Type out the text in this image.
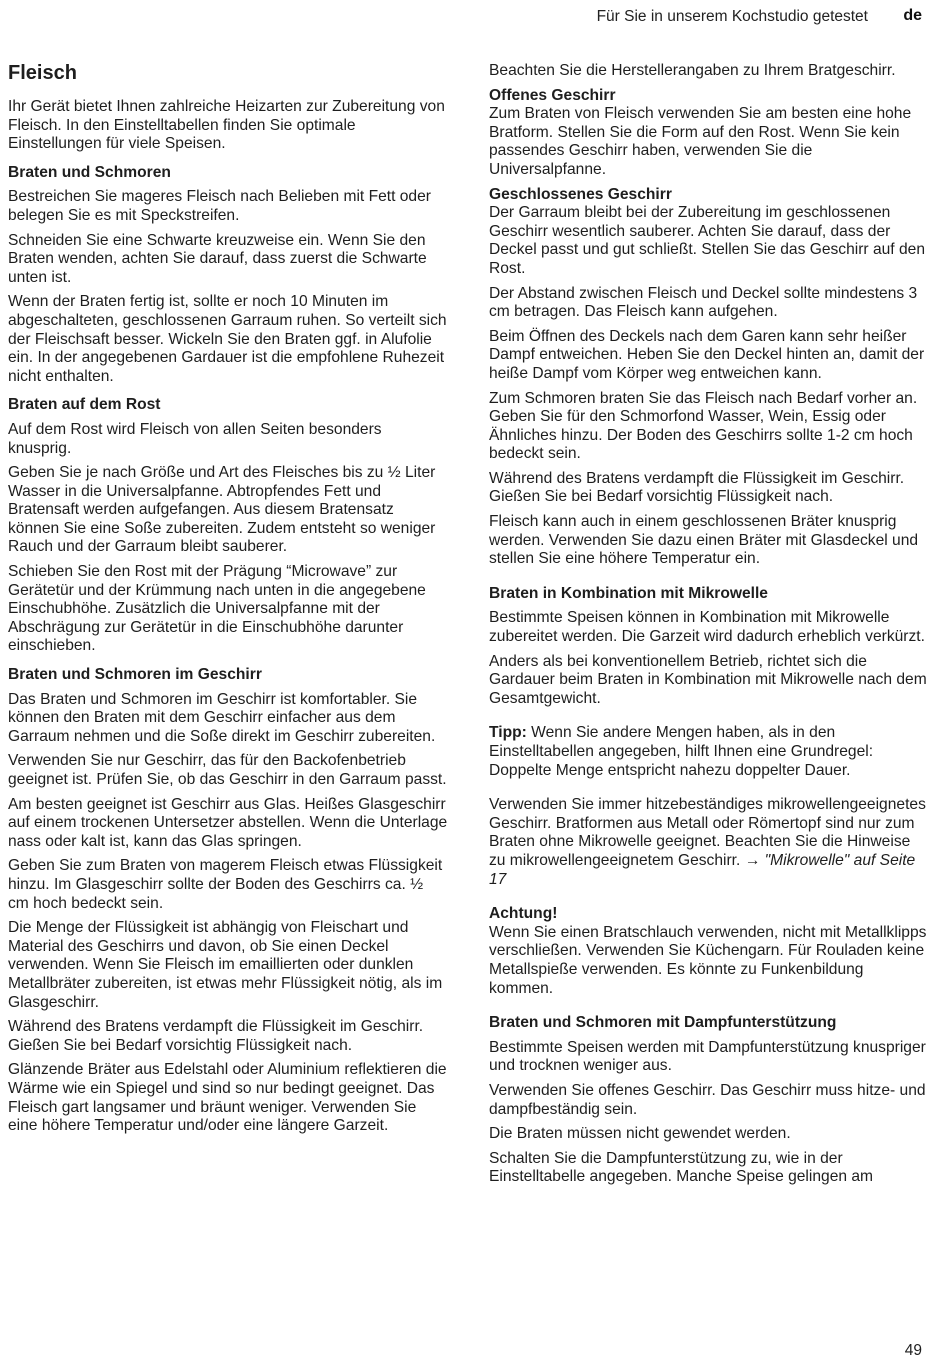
Für Sie in unserem Kochstudio getestet de
Fleisch

Ihr Gerät bietet Ihnen zahlreiche Heizarten zur Zubereitung von Fleisch. In den Einstelltabellen finden Sie optimale Einstellungen für viele Speisen.

Braten und Schmoren

Bestreichen Sie mageres Fleisch nach Belieben mit Fett oder belegen Sie es mit Speckstreifen.

Schneiden Sie eine Schwarte kreuzweise ein. Wenn Sie den Braten wenden, achten Sie darauf, dass zuerst die Schwarte unten ist.

Wenn der Braten fertig ist, sollte er noch 10 Minuten im abgeschalteten, geschlossenen Garraum ruhen. So verteilt sich der Fleischsaft besser. Wickeln Sie den Braten ggf. in Alufolie ein. In der angegebenen Gardauer ist die empfohlene Ruhezeit nicht enthalten.

Braten auf dem Rost

Auf dem Rost wird Fleisch von allen Seiten besonders knusprig.

Geben Sie je nach Größe und Art des Fleisches bis zu ½ Liter Wasser in die Universalpfanne. Abtropfendes Fett und Bratensaft werden aufgefangen. Aus diesem Bratensatz können Sie eine Soße zubereiten. Zudem entsteht so weniger Rauch und der Garraum bleibt sauberer.

Schieben Sie den Rost mit der Prägung “Microwave” zur Gerätetür und der Krümmung nach unten in die angegebene Einschubhöhe. Zusätzlich die Universalpfanne mit der Abschrägung zur Gerätetür in die Einschubhöhe darunter einschieben.

Braten und Schmoren im Geschirr

Das Braten und Schmoren im Geschirr ist komfortabler. Sie können den Braten mit dem Geschirr einfacher aus dem Garraum nehmen und die Soße direkt im Geschirr zubereiten.

Verwenden Sie nur Geschirr, das für den Backofenbetrieb geeignet ist. Prüfen Sie, ob das Geschirr in den Garraum passt.

Am besten geeignet ist Geschirr aus Glas. Heißes Glasgeschirr auf einem trockenen Untersetzer abstellen. Wenn die Unterlage nass oder kalt ist, kann das Glas springen.

Geben Sie zum Braten von magerem Fleisch etwas Flüssigkeit hinzu. Im Glasgeschirr sollte der Boden des Geschirrs ca. ½ cm hoch bedeckt sein.

Die Menge der Flüssigkeit ist abhängig von Fleischart und Material des Geschirrs und davon, ob Sie einen Deckel verwenden. Wenn Sie Fleisch im emaillierten oder dunklen Metallbräter zubereiten, ist etwas mehr Flüssigkeit nötig, als im Glasgeschirr.

Während des Bratens verdampft die Flüssigkeit im Geschirr. Gießen Sie bei Bedarf vorsichtig Flüssigkeit nach.

Glänzende Bräter aus Edelstahl oder Aluminium reflektieren die Wärme wie ein Spiegel und sind so nur bedingt geeignet. Das Fleisch gart langsamer und bräunt weniger. Verwenden Sie eine höhere Temperatur und/oder eine längere Garzeit.

Beachten Sie die Herstellerangaben zu Ihrem Bratgeschirr.

Offenes Geschirr

Zum Braten von Fleisch verwenden Sie am besten eine hohe Bratform. Stellen Sie die Form auf den Rost. Wenn Sie kein passendes Geschirr haben, verwenden Sie die Universalpfanne.

Geschlossenes Geschirr

Der Garraum bleibt bei der Zubereitung im geschlossenen Geschirr wesentlich sauberer. Achten Sie darauf, dass der Deckel passt und gut schließt. Stellen Sie das Geschirr auf den Rost.

Der Abstand zwischen Fleisch und Deckel sollte mindestens 3 cm betragen. Das Fleisch kann aufgehen.

Beim Öffnen des Deckels nach dem Garen kann sehr heißer Dampf entweichen. Heben Sie den Deckel hinten an, damit der heiße Dampf vom Körper weg entweichen kann.

Zum Schmoren braten Sie das Fleisch nach Bedarf vorher an. Geben Sie für den Schmorfond Wasser, Wein, Essig oder Ähnliches hinzu. Der Boden des Geschirrs sollte 1-2 cm hoch bedeckt sein.

Während des Bratens verdampft die Flüssigkeit im Geschirr. Gießen Sie bei Bedarf vorsichtig Flüssigkeit nach.

Fleisch kann auch in einem geschlossenen Bräter knusprig werden. Verwenden Sie dazu einen Bräter mit Glasdeckel und stellen Sie eine höhere Temperatur ein.

Braten in Kombination mit Mikrowelle

Bestimmte Speisen können in Kombination mit Mikrowelle zubereitet werden. Die Garzeit wird dadurch erheblich verkürzt.

Anders als bei konventionellem Betrieb, richtet sich die Gardauer beim Braten in Kombination mit Mikrowelle nach dem Gesamtgewicht.

Tipp: Wenn Sie andere Mengen haben, als in den Einstelltabellen angegeben, hilft Ihnen eine Grundregel: Doppelte Menge entspricht nahezu doppelter Dauer.

Verwenden Sie immer hitzebeständiges mikrowellengeeignetes Geschirr. Bratformen aus Metall oder Römertopf sind nur zum Braten ohne Mikrowelle geeignet. Beachten Sie die Hinweise zu mikrowellengeeignetem Geschirr. → "Mikrowelle" auf Seite 17

Achtung!

Wenn Sie einen Bratschlauch verwenden, nicht mit Metallklipps verschließen. Verwenden Sie Küchengarn. Für Rouladen keine Metallspieße verwenden. Es könnte zu Funkenbildung kommen.

Braten und Schmoren mit Dampfunterstützung

Bestimmte Speisen werden mit Dampfunterstützung knuspriger und trocknen weniger aus.

Verwenden Sie offenes Geschirr. Das Geschirr muss hitze- und dampfbeständig sein.

Die Braten müssen nicht gewendet werden.

Schalten Sie die Dampfunterstützung zu, wie in der Einstelltabelle angegeben. Manche Speise gelingen am

49
